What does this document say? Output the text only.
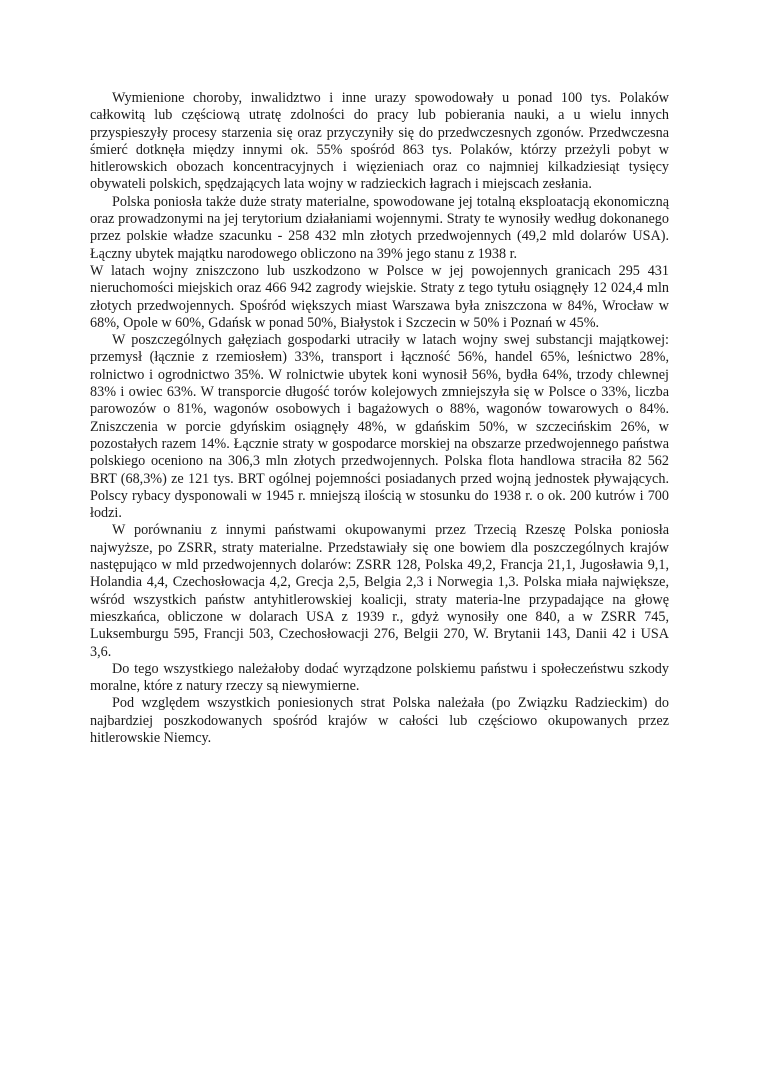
Wymienione choroby, inwalidztwo i inne urazy spowodowały u ponad 100 tys. Polaków całkowitą lub częściową utratę zdolności do pracy lub pobierania nauki, a u wielu innych przyspieszyły procesy starzenia się oraz przyczyniły się do przedwczesnych zgonów. Przedwczesna śmierć dotknęła między innymi ok. 55% spośród 863 tys. Polaków, którzy przeżyli pobyt w hitlerowskich obozach koncentracyjnych i więzieniach oraz co najmniej kilkadziesiąt tysięcy obywateli polskich, spędzających lata wojny w radzieckich łagrach i miejscach zesłania.

Polska poniosła także duże straty materialne, spowodowane jej totalną eksploatacją ekonomiczną oraz prowadzonymi na jej terytorium działaniami wojennymi. Straty te wynosiły według dokonanego przez polskie władze szacunku - 258 432 mln złotych przedwojennych (49,2 mld dolarów USA). Łączny ubytek majątku narodowego obliczono na 39% jego stanu z 1938 r.

W latach wojny zniszczono lub uszkodzono w Polsce w jej powojennych granicach 295 431 nieruchomości miejskich oraz 466 942 zagrody wiejskie. Straty z tego tytułu osiągnęły 12 024,4 mln złotych przedwojennych. Spośród większych miast Warszawa była zniszczona w 84%, Wrocław w 68%, Opole w 60%, Gdańsk w ponad 50%, Białystok i Szczecin w 50% i Poznań w 45%.

W poszczególnych gałęziach gospodarki utraciły w latach wojny swej substancji majątkowej: przemysł (łącznie z rzemiosłem) 33%, transport i łączność 56%, handel 65%, leśnictwo 28%, rolnictwo i ogrodnictwo 35%. W rolnictwie ubytek koni wynosił 56%, bydła 64%, trzody chlewnej 83% i owiec 63%. W transporcie długość torów kolejowych zmniejszyła się w Polsce o 33%, liczba parowozów o 81%, wagonów osobowych i bagażowych o 88%, wagonów towarowych o 84%. Zniszczenia w porcie gdyńskim osiągnęły 48%, w gdańskim 50%, w szczecińskim 26%, w pozostałych razem 14%. Łącznie straty w gospodarce morskiej na obszarze przedwojennego państwa polskiego oceniono na 306,3 mln złotych przedwojennych. Polska flota handlowa straciła 82 562 BRT (68,3%) ze 121 tys. BRT ogólnej pojemności posiadanych przed wojną jednostek pływających. Polscy rybacy dysponowali w 1945 r. mniejszą ilością w stosunku do 1938 r. o ok. 200 kutrów i 700 łodzi.

W porównaniu z innymi państwami okupowanymi przez Trzecią Rzeszę Polska poniosła najwyższe, po ZSRR, straty materialne. Przedstawiały się one bowiem dla poszczególnych krajów następująco w mld przedwojennych dolarów: ZSRR 128, Polska 49,2, Francja 21,1, Jugosławia 9,1, Holandia 4,4, Czechosłowacja 4,2, Grecja 2,5, Belgia 2,3 i Norwegia 1,3. Polska miała największe, wśród wszystkich państw antyhitlerowskiej koalicji, straty materia-lne przypadające na głowę mieszkańca, obliczone w dolarach USA z 1939 r., gdyż wynosiły one 840, a w ZSRR 745, Luksemburgu 595, Francji 503, Czechosłowacji 276, Belgii 270, W. Brytanii 143, Danii 42 i USA 3,6.

Do tego wszystkiego należałoby dodać wyrządzone polskiemu państwu i społeczeństwu szkody moralne, które z natury rzeczy są niewymierne.

Pod względem wszystkich poniesionych strat Polska należała (po Związku Radzieckim) do najbardziej poszkodowanych spośród krajów w całości lub częściowo okupowanych przez hitlerowskie Niemcy.
